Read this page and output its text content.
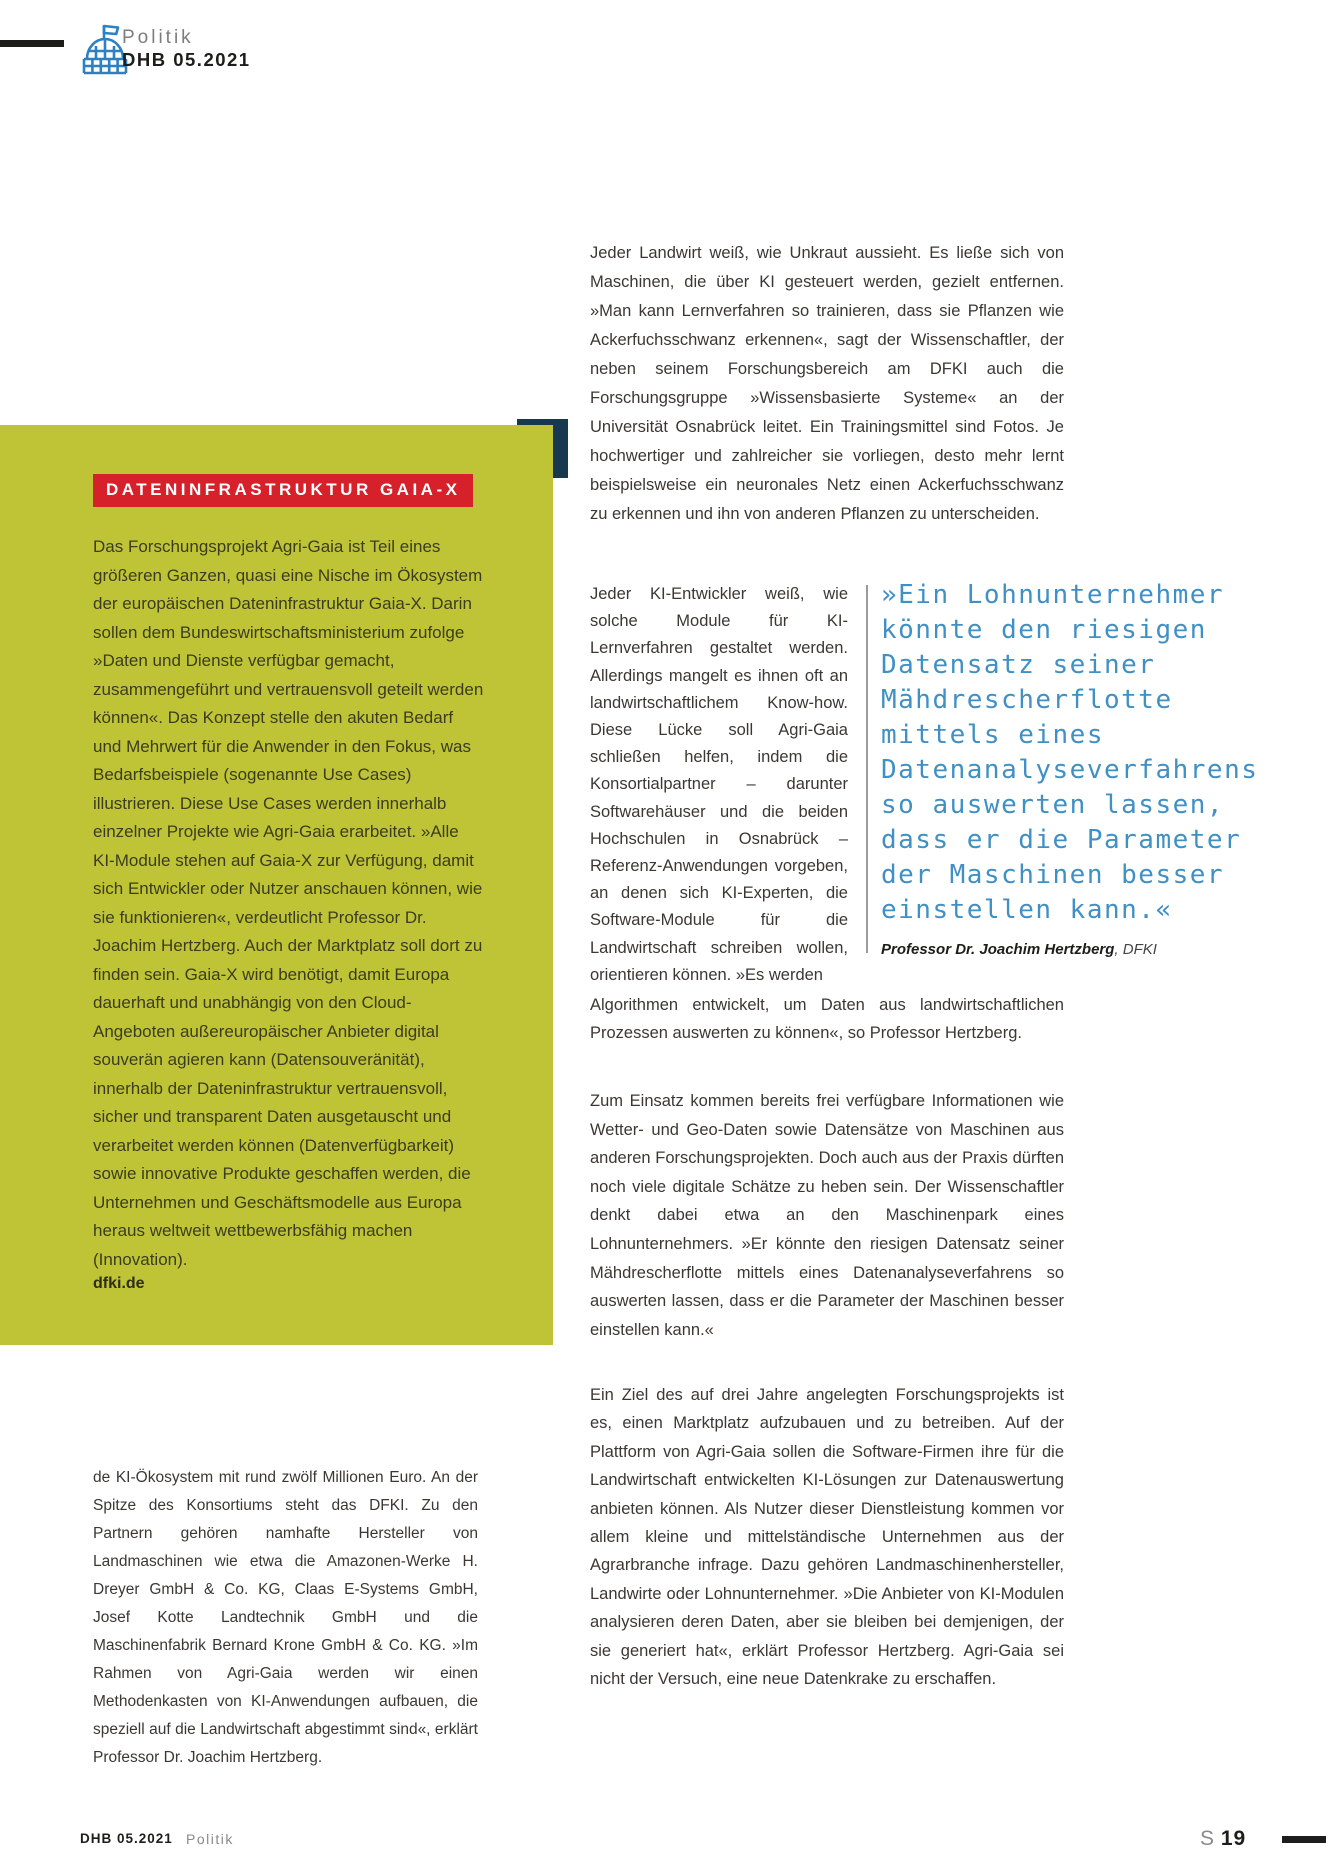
Politik
DHB 05.2021
DATENINFRASTRUKTUR GAIA-X

Das Forschungsprojekt Agri-Gaia ist Teil eines größeren Ganzen, quasi eine Nische im Ökosystem der europäischen Dateninfrastruktur Gaia-X. Darin sollen dem Bundeswirtschaftsministerium zufolge »Daten und Dienste verfügbar gemacht, zusammengeführt und vertrauensvoll geteilt werden können«. Das Konzept stelle den akuten Bedarf und Mehrwert für die Anwender in den Fokus, was Bedarfsbeispiele (sogenannte Use Cases) illustrieren. Diese Use Cases werden innerhalb einzelner Projekte wie Agri-Gaia erarbeitet. »Alle KI-Module stehen auf Gaia-X zur Verfügung, damit sich Entwickler oder Nutzer anschauen können, wie sie funktionieren«, verdeutlicht Professor Dr. Joachim Hertzberg. Auch der Marktplatz soll dort zu finden sein. Gaia-X wird benötigt, damit Europa dauerhaft und unabhängig von den Cloud-Angeboten außereuropäischer Anbieter digital souverän agieren kann (Datensouveränität), innerhalb der Dateninfrastruktur vertrauensvoll, sicher und transparent Daten ausgetauscht und verarbeitet werden können (Datenverfügbarkeit) sowie innovative Produkte geschaffen werden, die Unternehmen und Geschäftsmodelle aus Europa heraus weltweit wettbewerbsfähig machen (Innovation).

dfki.de

Jeder Landwirt weiß, wie Unkraut aussieht. Es ließe sich von Maschinen, die über KI gesteuert werden, gezielt entfernen. »Man kann Lernverfahren so trainieren, dass sie Pflanzen wie Ackerfuchsschwanz erkennen«, sagt der Wissenschaftler, der neben seinem Forschungsbereich am DFKI auch die Forschungsgruppe »Wissensbasierte Systeme« an der Universität Osnabrück leitet. Ein Trainingsmittel sind Fotos. Je hochwertiger und zahlreicher sie vorliegen, desto mehr lernt beispielsweise ein neuronales Netz einen Ackerfuchsschwanz zu erkennen und ihn von anderen Pflanzen zu unterscheiden.

Jeder KI-Entwickler weiß, wie solche Module für KI-Lernverfahren gestaltet werden. Allerdings mangelt es ihnen oft an landwirtschaftlichem Know-how. Diese Lücke soll Agri-Gaia schließen helfen, indem die Konsortialpartner – darunter Softwarehäuser und die beiden Hochschulen in Osnabrück – Referenz-Anwendungen vorgeben, an denen sich KI-Experten, die Software-Module für die Landwirtschaft schreiben wollen, orientieren können. »Es werden

»Ein Lohnunternehmer könnte den riesigen Datensatz seiner Mähdrescherflotte mittels eines Datenanalyseverfahrens so auswerten lassen, dass er die Parameter der Maschinen besser einstellen kann.«
Professor Dr. Joachim Hertzberg, DFKI

Algorithmen entwickelt, um Daten aus landwirtschaftlichen Prozessen auswerten zu können«, so Professor Hertzberg.

Zum Einsatz kommen bereits frei verfügbare Informationen wie Wetter- und Geo-Daten sowie Datensätze von Maschinen aus anderen Forschungsprojekten. Doch auch aus der Praxis dürften noch viele digitale Schätze zu heben sein. Der Wissenschaftler denkt dabei etwa an den Maschinenpark eines Lohnunternehmers. »Er könnte den riesigen Datensatz seiner Mähdrescherflotte mittels eines Datenanalyseverfahrens so auswerten lassen, dass er die Parameter der Maschinen besser einstellen kann.«

de KI-Ökosystem mit rund zwölf Millionen Euro. An der Spitze des Konsortiums steht das DFKI. Zu den Partnern gehören namhafte Hersteller von Landmaschinen wie etwa die Amazonen-Werke H. Dreyer GmbH & Co. KG, Claas E-Systems GmbH, Josef Kotte Landtechnik GmbH und die Maschinenfabrik Bernard Krone GmbH & Co. KG. »Im Rahmen von Agri-Gaia werden wir einen Methodenkasten von KI-Anwendungen aufbauen, die speziell auf die Landwirtschaft abgestimmt sind«, erklärt Professor Dr. Joachim Hertzberg.

Ein Ziel des auf drei Jahre angelegten Forschungsprojekts ist es, einen Marktplatz aufzubauen und zu betreiben. Auf der Plattform von Agri-Gaia sollen die Software-Firmen ihre für die Landwirtschaft entwickelten KI-Lösungen zur Datenauswertung anbieten können. Als Nutzer dieser Dienstleistung kommen vor allem kleine und mittelständische Unternehmen aus der Agrarbranche infrage. Dazu gehören Landmaschinenhersteller, Landwirte oder Lohnunternehmer. »Die Anbieter von KI-Modulen analysieren deren Daten, aber sie bleiben bei demjenigen, der sie generiert hat«, erklärt Professor Hertzberg. Agri-Gaia sei nicht der Versuch, eine neue Datenkrake zu erschaffen.

DHB 05.2021 Politik	S 19
